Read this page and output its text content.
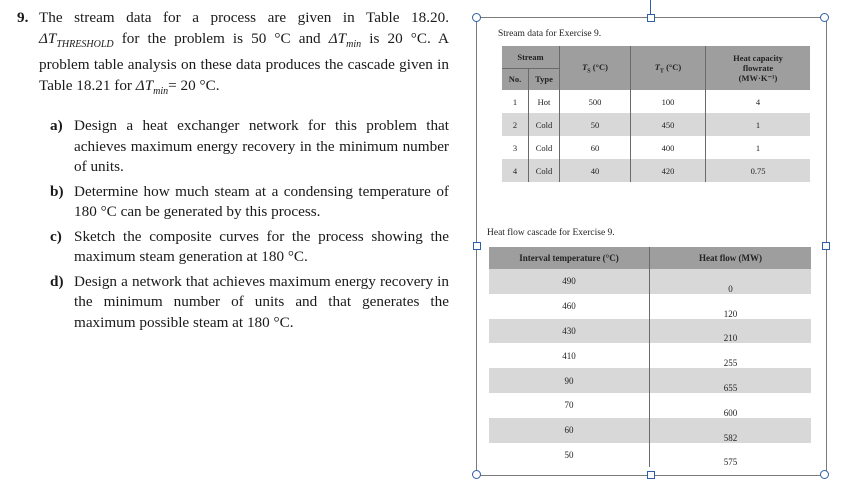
9. The stream data for a process are given in Table 18.20. $\Delta T_{THRESHOLD}$ for the problem is 50 °C and $\Delta T_{min}$ is 20 °C. A problem table analysis on these data produces the cascade given in Table 18.21 for $\Delta T_{min}= 20$ °C.
a) Design a heat exchanger network for this problem that achieves maximum energy recovery in the minimum number of units.
b) Determine how much steam at a condensing temperature of 180 °C can be generated by this process.
c) Sketch the composite curves for the process showing the maximum steam generation at 180 °C.
d) Design a network that achieves maximum energy recovery in the minimum number of units and that generates the maximum possible steam at 180 °C.
Stream data for Exercise 9.
Stream		$T_S$ (°C)	$T_T$ (°C)	Heat capacity
flowrate
(MW·K⁻¹)

No.	Type			
1	Hot	500	100	4
2	Cold	50	450	1
3	Cold	60	400	1
4	Cold	40	420	0.75
Heat flow cascade for Exercise 9.
Interval temperature (°C)	Heat flow (MW)
490	0
460	120
430	210
410	255
90	655
70	600
60	582
50	575
